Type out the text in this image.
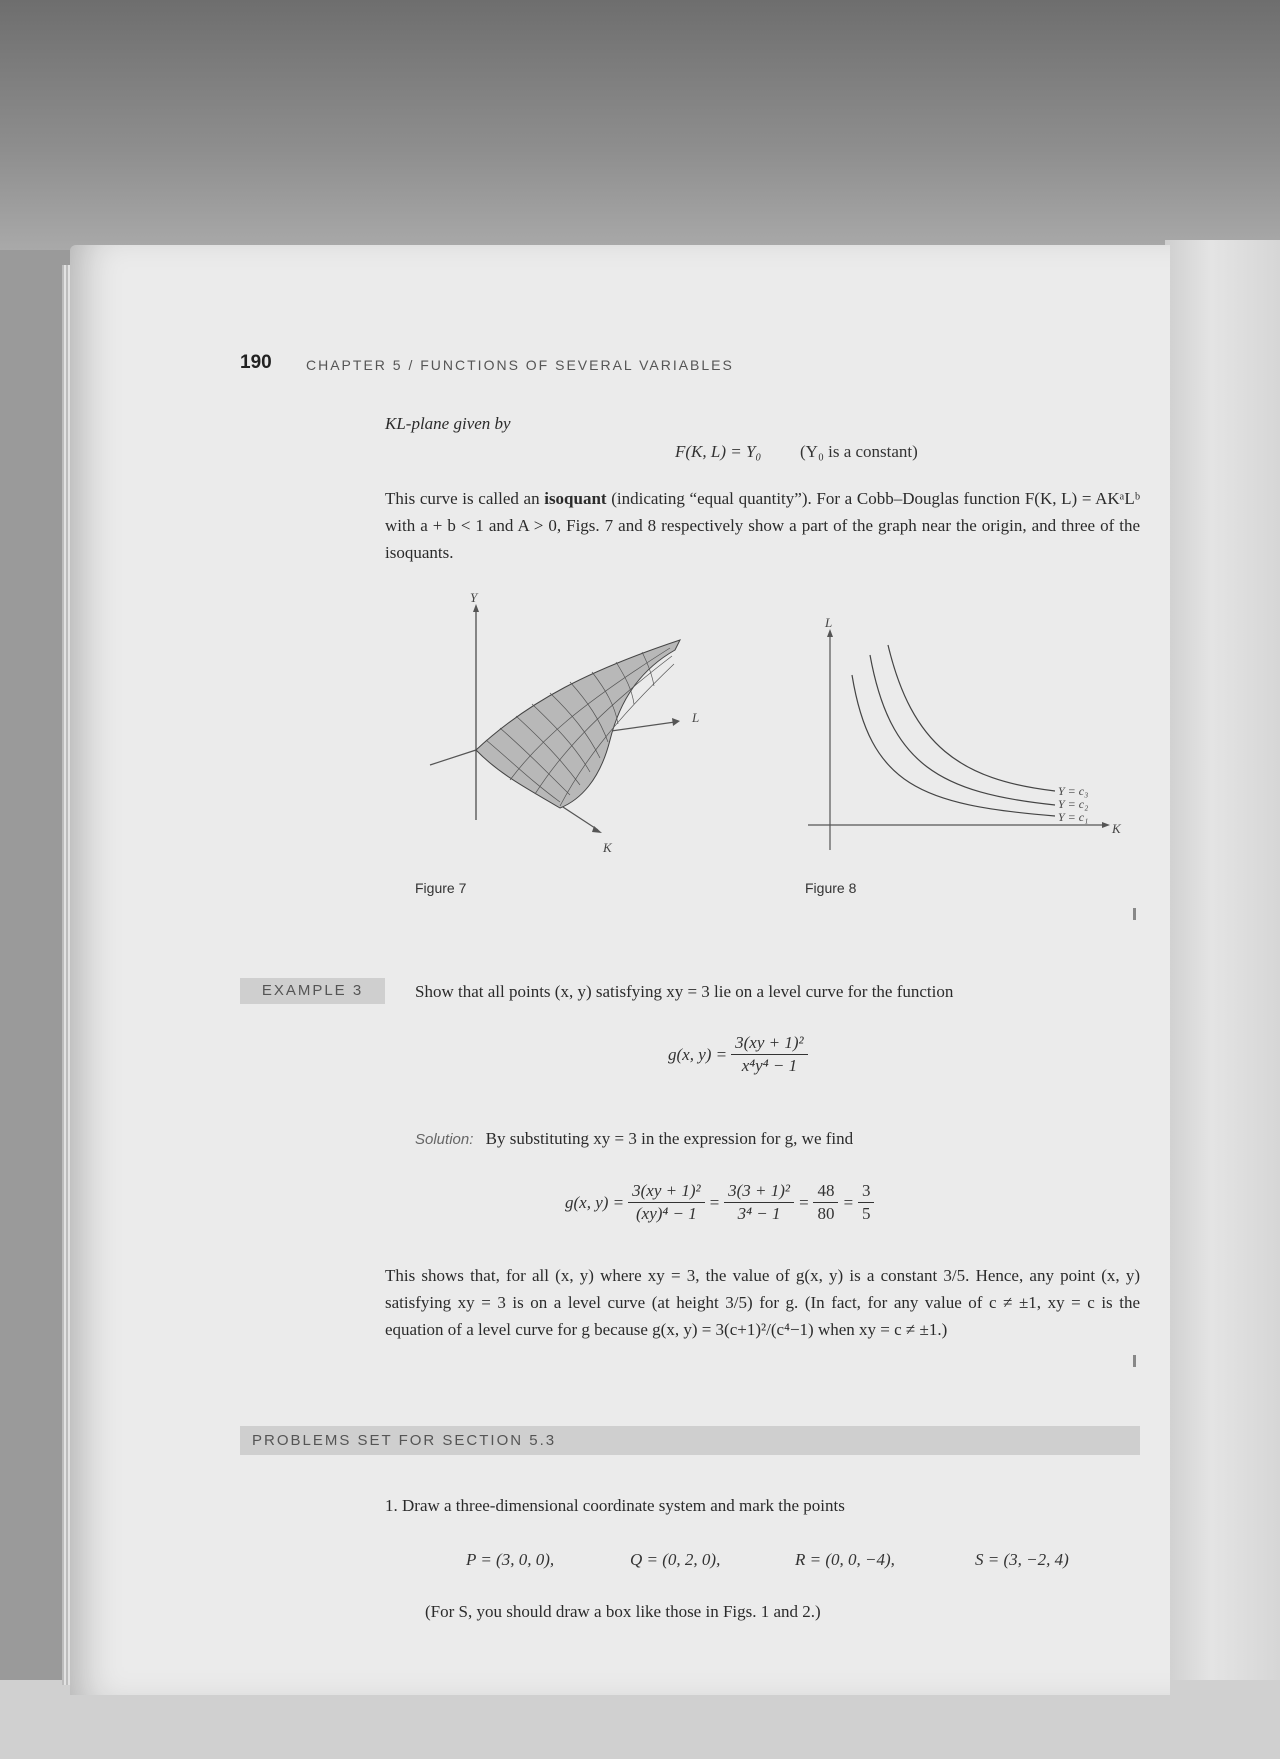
190 CHAPTER 5 / FUNCTIONS OF SEVERAL VARIABLES
KL-plane given by
F(K, L) = Y₀ (Y₀ is a constant)
This curve is called an isoquant (indicating “equal quantity”). For a Cobb–Douglas function F(K, L) = AKᵃLᵇ with a + b < 1 and A > 0, Figs. 7 and 8 respectively show a part of the graph near the origin, and three of the isoquants.
Y
L
K
Figure 7
L
K
Y = c₃
Y = c₂
Y = c₁
Figure 8
EXAMPLE 3	Show that all points (x, y) satisfying xy = 3 lie on a level curve for the function
g(x, $y) = \frac{\text{3(xy + 1)²}}{\text{x⁴y⁴ − 1}}$
Solution: By substituting xy = 3 in the expression for g, we find
g(x, $y) = \frac{\text{3(xy + 1)²}}{\text{(xy)⁴ − 1}} = \frac{\text{3(3 + 1)²}}{\text{3⁴ − 1}} = \frac{48}{80} = \frac{3}{5}$
This shows that, for all (x, y) where xy = 3, the value of g(x, y) is a constant 3/5. Hence, any point (x, y) satisfying xy = 3 is on a level curve (at height 3/5) for g. (In fact, for any value of c ≠ ±1, xy = c is the equation of a level curve for g because g(x, y) = 3(c+1)²/(c⁴−1) when xy = c ≠ ±1.)
PROBLEMS SET FOR SECTION 5.3
1. Draw a three-dimensional coordinate system and mark the points
P = (3, 0, 0),	Q = (0, 2, 0),	R = (0, 0, −4),	S = (3, −2, 4)
(For S, you should draw a box like those in Figs. 1 and 2.)
